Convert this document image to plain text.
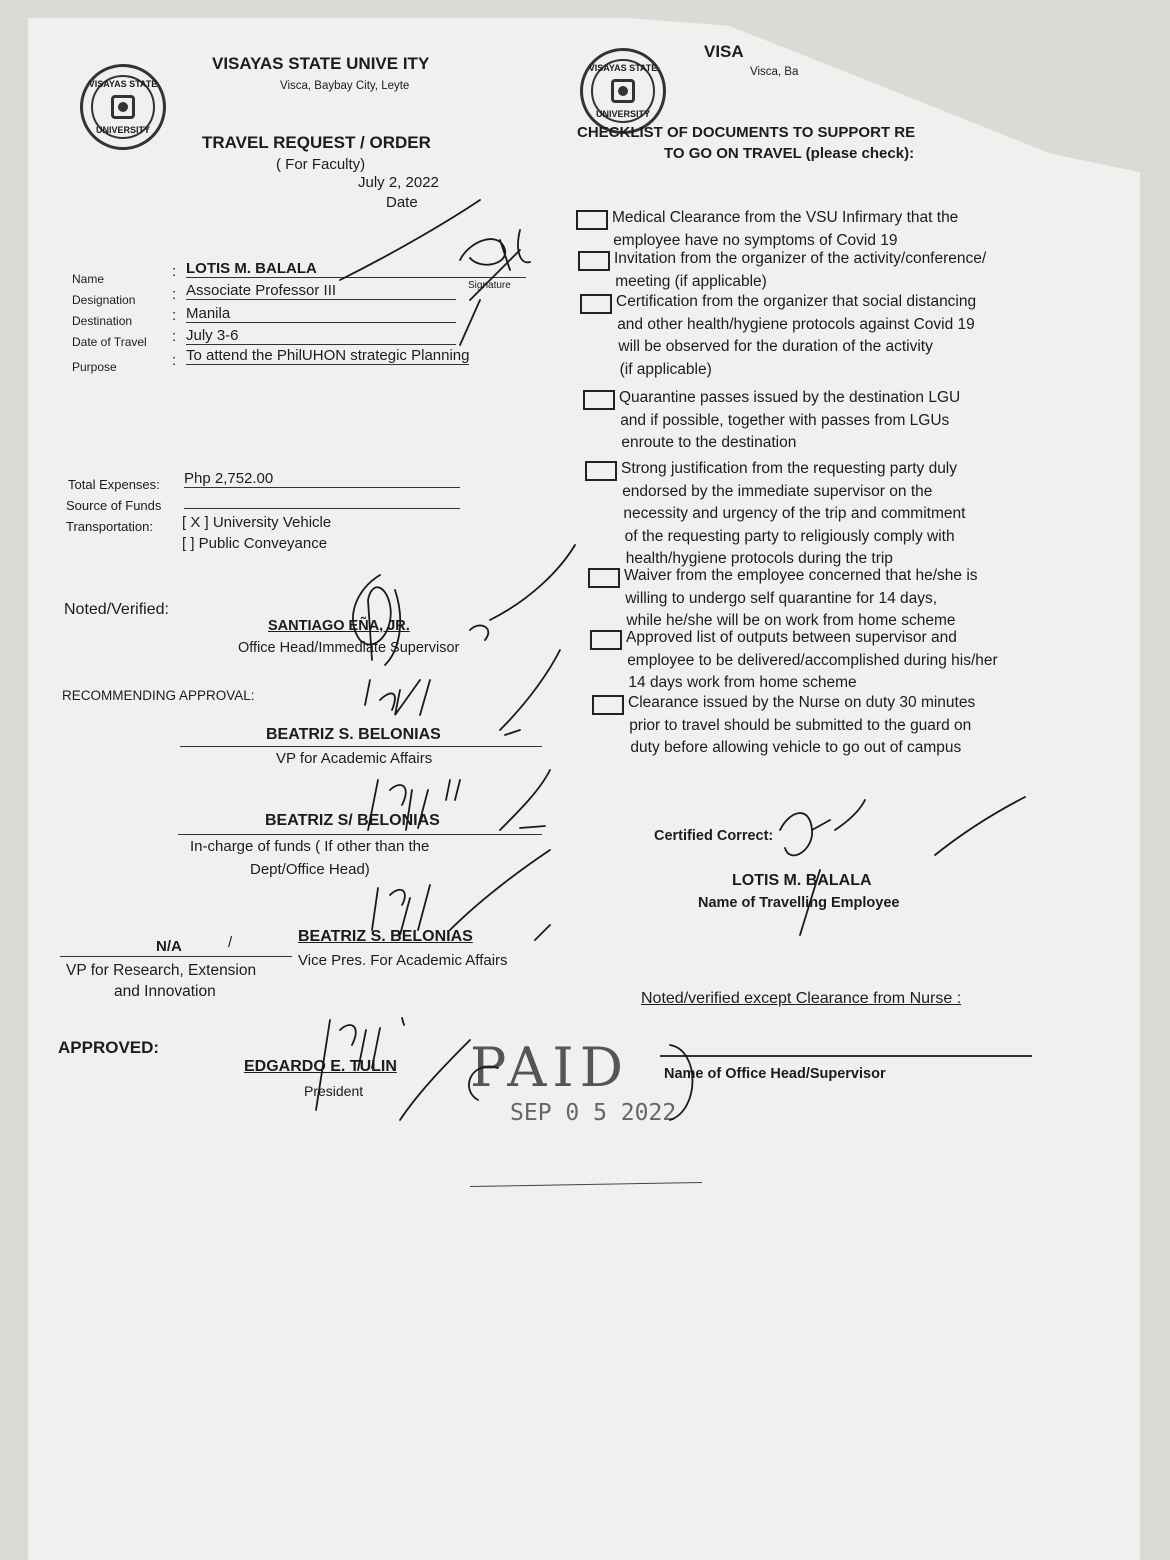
VISAYAS STATE
UNIVERSITY
VISAYAS STATE UNIVE ITY
Visca, Baybay City, Leyte
TRAVEL REQUEST / ORDER
( For Faculty)
July 2, 2022
Date
Name	: LOTIS M. BALALA
Signature
Designation : Associate Professor III
Destination	: Manila
Date of Travel : July 3-6
Purpose	: To attend the PhilUHON strategic Planning
Total Expenses: Php 2,752.00
Source of Funds
Transportation: [ X ] University Vehicle
[ ] Public Conveyance
Noted/Verified:
SANTIAGO EÑA, JR.
Office Head/Immediate Supervisor
RECOMMENDING APPROVAL:
BEATRIZ S. BELONIAS
VP for Academic Affairs
BEATRIZ S/ BELONIAS
In-charge of funds ( If other than the
Dept/Office Head)
N/A	/
VP for Research, Extension
and Innovation
BEATRIZ S. BELONIAS
Vice Pres. For Academic Affairs
APPROVED:
EDGARDO E. TULIN
President
VISAYAS STATE
UNIVERSITY
VISA
Visca, Ba
CHECKLIST OF DOCUMENTS TO SUPPORT RE
TO GO ON TRAVEL (please check):
Medical Clearance from the VSU Infirmary that the
employee have no symptoms of Covid 19
Invitation from the organizer of the activity/conference/
meeting (if applicable)
Certification from the organizer that social distancing
and other health/hygiene protocols against Covid 19
will be observed for the duration of the activity
(if applicable)
Quarantine passes issued by the destination LGU
and if possible, together with passes from LGUs
enroute to the destination
Strong justification from the requesting party duly
endorsed by the immediate supervisor on the
necessity and urgency of the trip and commitment
of the requesting party to religiously comply with
health/hygiene protocols during the trip
Waiver from the employee concerned that he/she is
willing to undergo self quarantine for 14 days,
while he/she will be on work from home scheme
Approved list of outputs between supervisor and
employee to be delivered/accomplished during his/her
14 days work from home scheme
Clearance issued by the Nurse on duty 30 minutes
prior to travel should be submitted to the guard on
duty before allowing vehicle to go out of campus
Certified Correct:
LOTIS M. BALALA
Name of Travelling Employee
Noted/verified except Clearance from Nurse :
Name of Office Head/Supervisor
PAID
SEP 0 5 2022
